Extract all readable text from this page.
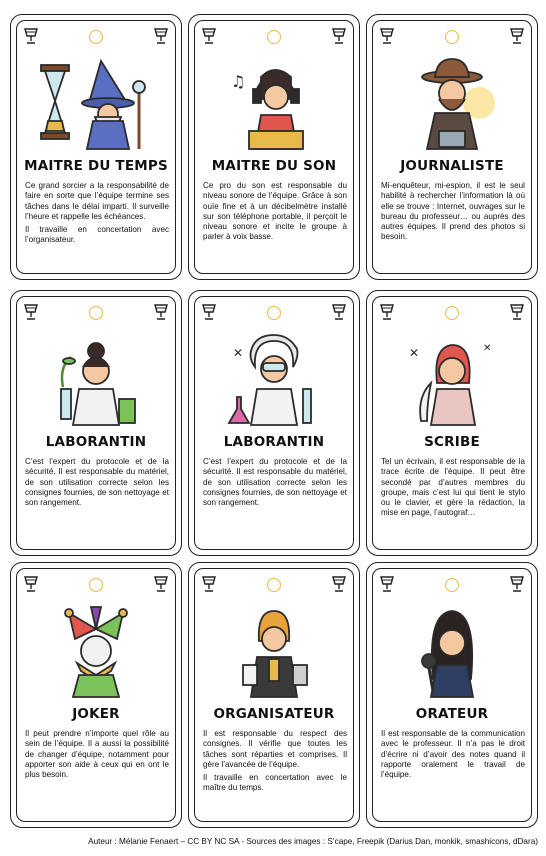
MAITRE DU TEMPS

Ce grand sorcier a la responsabilité de faire en sorte que l’équipe termine ses tâches dans le délai imparti. Il surveille l’heure et rappelle les échéances.

Il travaille en concertation avec l’organisateur.

♫
MAITRE DU SON

Ce pro du son est responsable du niveau sonore de l’équipe. Grâce à son ouïe fine et à un décibelmètre installé sur son téléphone portable, il perçoit le niveau sonore et incite le groupe à parler à voix basse.

JOURNALISTE

Mi-enquêteur, mi-espion, il est le seul habilité à rechercher l’information là où elle se trouve : Internet, ouvrages sur le bureau du professeur… ou auprès des autres équipes. Il prend des photos si besoin.

LABORANTIN

C’est l’expert du protocole et de la sécurité. Il est responsable du matériel, de son utilisation correcte selon les consignes fournies, de son nettoyage et son rangement.

✕
LABORANTIN

C’est l’expert du protocole et de la sécurité. Il est responsable du matériel, de son utilisation correcte selon les consignes fournies, de son nettoyage et son rangement.

✕	✕
SCRIBE

Tel un écrivain, il est responsable de la trace écrite de l’équipe. Il peut être secondé par d’autres membres du groupe, mais c’est lui qui tient le stylo ou le clavier, et gère la rédaction, la mise en page, l’autograf…

JOKER

Il peut prendre n’importe quel rôle au sein de l’équipe. Il a aussi la possibilité de changer d’équipe, notamment pour apporter son aide à ceux qui en ont le plus besoin.

ORGANISATEUR

Il est responsable du respect des consignes. Il vérifie que toutes les tâches sont réparties et comprises. Il gère l’avancée de l’équipe.

Il travaille en concertation avec le maître du temps.

ORATEUR

Il est responsable de la communication avec le professeur. Il n’a pas le droit d’écrire ni d’avoir des notes quand il rapporte oralement le travail de l’équipe.

Auteur : Mélanie Fenaert – CC BY NC SA - Sources des images : S’cape, Freepik (Darius Dan, monkik, smashicons, dDara)
